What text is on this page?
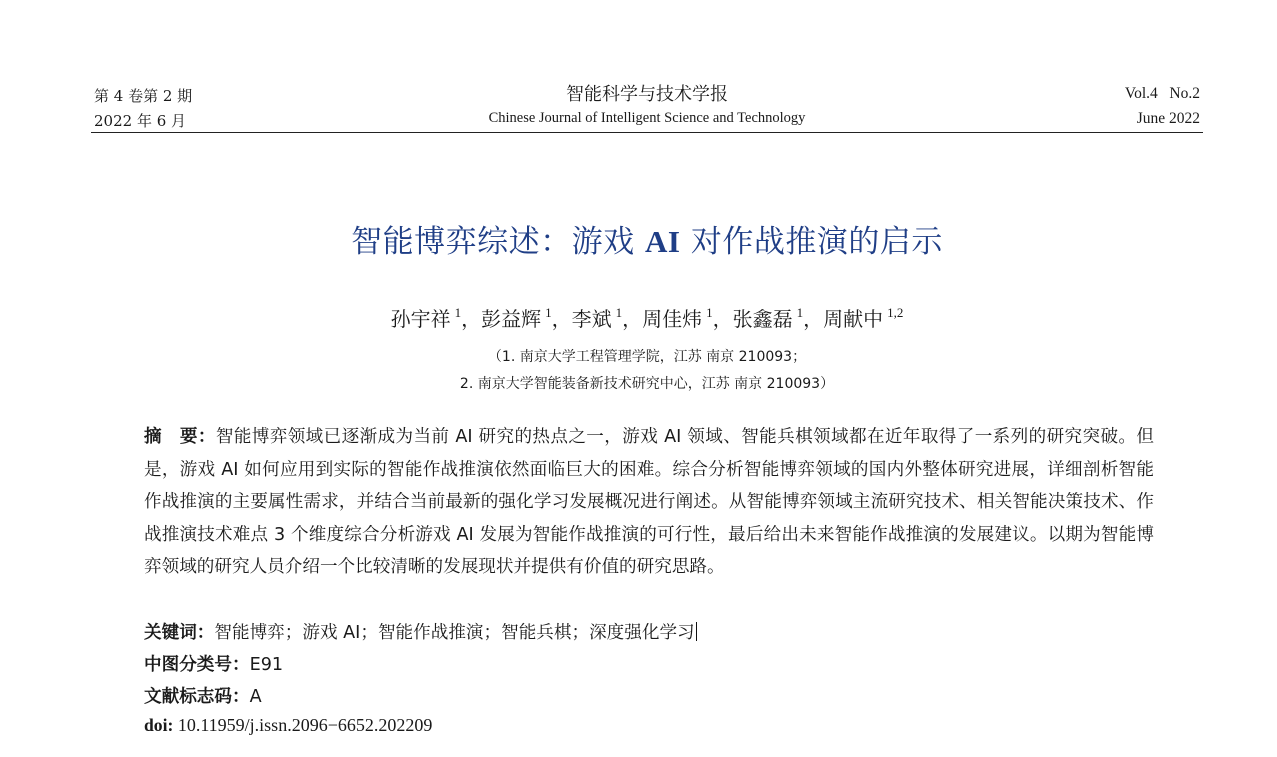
第 4 卷第 2 期	智能科学与技术学报	Vol.4   No.2
2022 年 6 月	Chinese Journal of Intelligent Science and Technology	June 2022
智能博弈综述：游戏 AI 对作战推演的启示
孙宇祥 $^1$，彭益辉 $^1$，李斌 $^1$，周佳炜 $^1$，张鑫磊 $^1$，周献中 $^{1,2}$
（1. 南京大学工程管理学院，江苏 南京 210093；
2. 南京大学智能装备新技术研究中心，江苏 南京 210093）

摘　要：智能博弈领域已逐渐成为当前 AI 研究的热点之一，游戏 AI 领域、智能兵棋领域都在近年取得了一系列的研究突破。但是，游戏 AI 如何应用到实际的智能作战推演依然面临巨大的困难。综合分析智能博弈领域的国内外整体研究进展，详细剖析智能作战推演的主要属性需求，并结合当前最新的强化学习发展概况进行阐述。从智能博弈领域主流研究技术、相关智能决策技术、作战推演技术难点 3 个维度综合分析游戏 AI 发展为智能作战推演的可行性，最后给出未来智能作战推演的发展建议。以期为智能博弈领域的研究人员介绍一个比较清晰的发展现状并提供有价值的研究思路。

关键词：智能博弈；游戏 AI；智能作战推演；智能兵棋；深度强化学习
中图分类号：E91
文献标志码：A
doi: 10.11959/j.issn.2096−6652.202209
